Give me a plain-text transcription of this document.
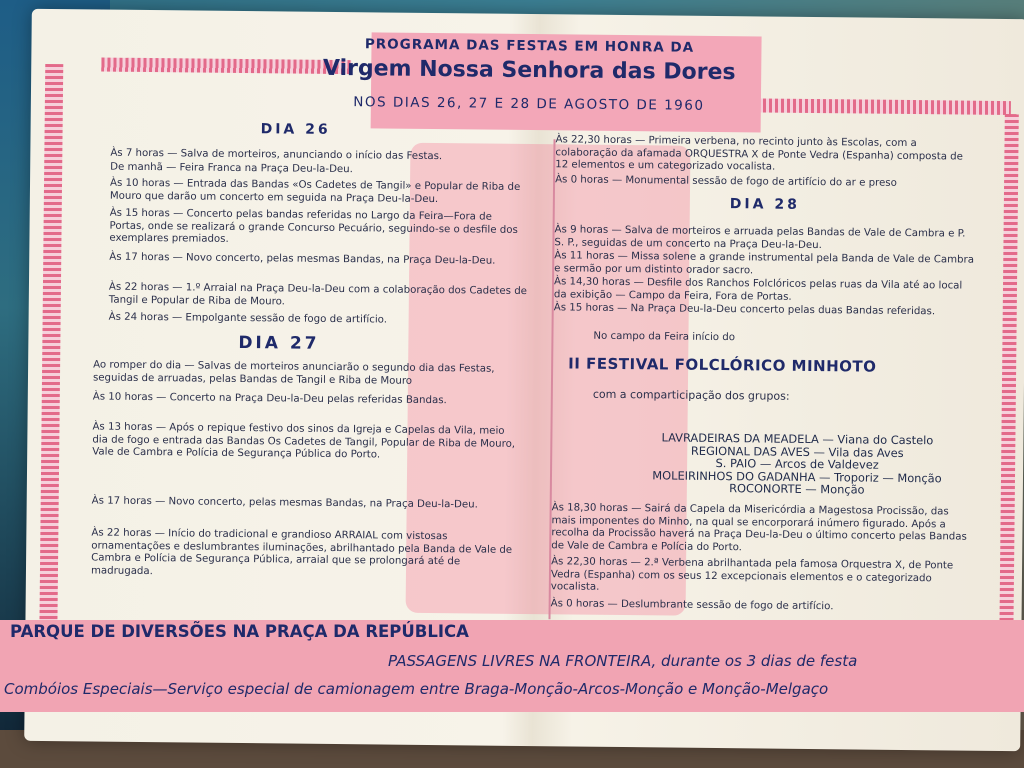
PROGRAMA DAS FESTAS EM HONRA DA
Virgem Nossa Senhora das Dores
NOS DIAS 26, 27 E 28 DE AGOSTO DE 1960
DIA 26
Às 7 horas — Salva de morteiros, anunciando o início das Festas.
De manhã — Feira Franca na Praça Deu-la-Deu.
Às 10 horas — Entrada das Bandas «Os Cadetes de Tangil» e Popular de Riba de Mouro que darão um concerto em seguida na Praça Deu-la-Deu.
Às 15 horas — Concerto pelas bandas referidas no Largo da Feira—Fora de Portas, onde se realizará o grande Concurso Pecuário, seguindo-se o desfile dos exemplares premiados.
Às 17 horas — Novo concerto, pelas mesmas Bandas, na Praça Deu-la-Deu.
Às 22 horas — 1.º Arraial na Praça Deu-la-Deu com a colaboração dos Cadetes de Tangil e Popular de Riba de Mouro.
Às 24 horas — Empolgante sessão de fogo de artifício.
DIA 27
Ao romper do dia — Salvas de morteiros anunciarão o segundo dia das Festas, seguidas de arruadas, pelas Bandas de Tangil e Riba de Mouro
Às 10 horas — Concerto na Praça Deu-la-Deu pelas referidas Bandas.
Às 13 horas — Após o repique festivo dos sinos da Igreja e Capelas da Vila, meio dia de fogo e entrada das Bandas Os Cadetes de Tangil, Popular de Riba de Mouro, Vale de Cambra e Polícia de Segurança Pública do Porto.
Às 17 horas — Novo concerto, pelas mesmas Bandas, na Praça Deu-la-Deu.
Às 22 horas — Início do tradicional e grandioso ARRAIAL com vistosas ornamentações e deslumbrantes iluminações, abrilhantado pela Banda de Vale de Cambra e Polícia de Segurança Pública, arraial que se prolongará até de madrugada.
Às 22,30 horas — Primeira verbena, no recinto junto às Escolas, com a colaboração da afamada ORQUESTRA X de Ponte Vedra (Espanha) composta de 12 elementos e um categorizado vocalista.
Às 0 horas — Monumental sessão de fogo de artifício do ar e preso
DIA 28
Às 9 horas — Salva de morteiros e arruada pelas Bandas de Vale de Cambra e P. S. P., seguidas de um concerto na Praça Deu-la-Deu.
Às 11 horas — Missa solene a grande instrumental pela Banda de Vale de Cambra e sermão por um distinto orador sacro.
Às 14,30 horas — Desfile dos Ranchos Folclóricos pelas ruas da Vila até ao local da exibição — Campo da Feira, Fora de Portas.
Às 15 horas — Na Praça Deu-la-Deu concerto pelas duas Bandas referidas.
No campo da Feira início do
II FESTIVAL FOLCLÓRICO MINHOTO
com a comparticipação dos grupos:
LAVRADEIRAS DA MEADELA — Viana do Castelo
REGIONAL DAS AVES — Vila das Aves
S. PAIO — Arcos de Valdevez
MOLEIRINHOS DO GADANHA — Troporiz — Monção
ROCONORTE — Monção
Às 18,30 horas — Sairá da Capela da Misericórdia a Magestosa Procissão, das mais imponentes do Minho, na qual se encorporará inúmero figurado. Após a recolha da Procissão haverá na Praça Deu-la-Deu o último concerto pelas Bandas de Vale de Cambra e Polícia do Porto.
Às 22,30 horas — 2.ª Verbena abrilhantada pela famosa Orquestra X, de Ponte Vedra (Espanha) com os seus 12 excepcionais elementos e o categorizado vocalista.
Às 0 horas — Deslumbrante sessão de fogo de artifício.
PARQUE DE DIVERSÕES NA PRAÇA DA REPÚBLICA
PASSAGENS LIVRES NA FRONTEIRA, durante os 3 dias de festa
Combóios Especiais—Serviço especial de camionagem entre Braga-Monção-Arcos-Monção e Monção-Melgaço
